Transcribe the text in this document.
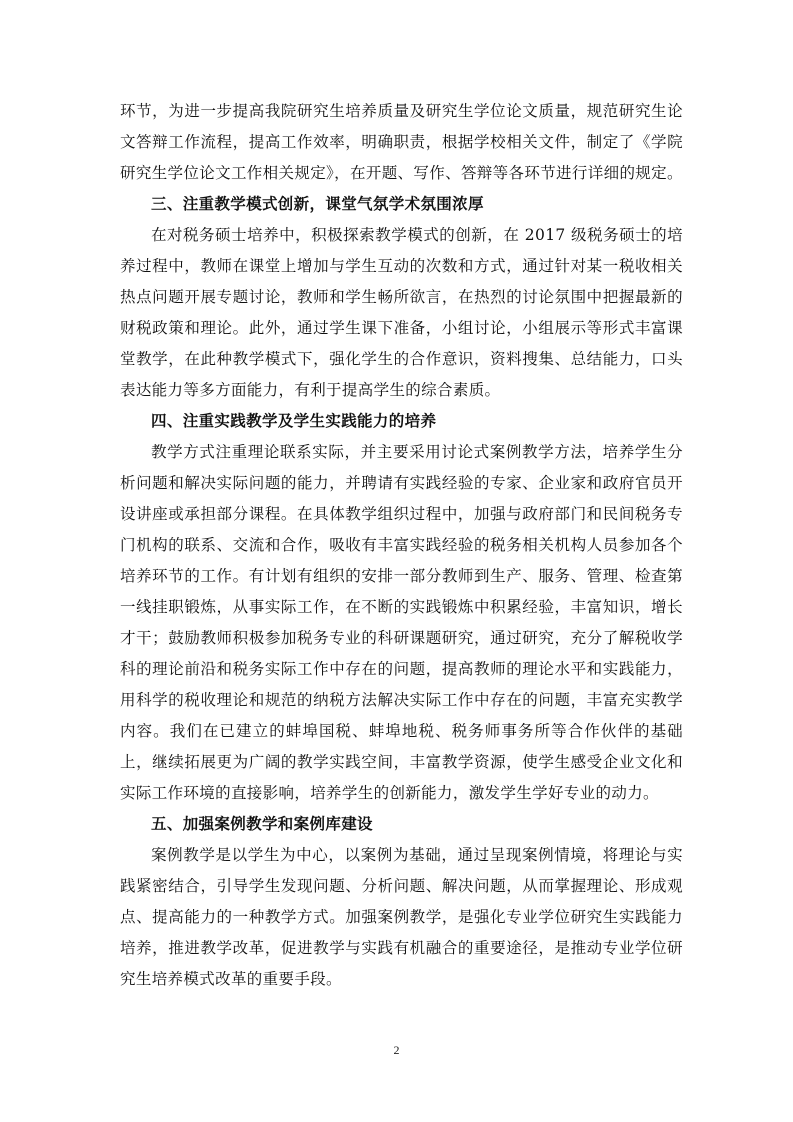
环节，为进一步提高我院研究生培养质量及研究生学位论文质量，规范研究生论文答辩工作流程，提高工作效率，明确职责，根据学校相关文件，制定了《学院研究生学位论文工作相关规定》，在开题、写作、答辩等各环节进行详细的规定。

三、注重教学模式创新，课堂气氛学术氛围浓厚

在对税务硕士培养中，积极探索教学模式的创新，在 2017 级税务硕士的培养过程中，教师在课堂上增加与学生互动的次数和方式，通过针对某一税收相关热点问题开展专题讨论，教师和学生畅所欲言，在热烈的讨论氛围中把握最新的财税政策和理论。此外，通过学生课下准备，小组讨论，小组展示等形式丰富课堂教学，在此种教学模式下，强化学生的合作意识，资料搜集、总结能力，口头表达能力等多方面能力，有利于提高学生的综合素质。

四、注重实践教学及学生实践能力的培养

教学方式注重理论联系实际，并主要采用讨论式案例教学方法，培养学生分析问题和解决实际问题的能力，并聘请有实践经验的专家、企业家和政府官员开设讲座或承担部分课程。在具体教学组织过程中，加强与政府部门和民间税务专门机构的联系、交流和合作，吸收有丰富实践经验的税务相关机构人员参加各个培养环节的工作。有计划有组织的安排一部分教师到生产、服务、管理、检查第一线挂职锻炼，从事实际工作，在不断的实践锻炼中积累经验，丰富知识，增长才干；鼓励教师积极参加税务专业的科研课题研究，通过研究，充分了解税收学科的理论前沿和税务实际工作中存在的问题，提高教师的理论水平和实践能力，用科学的税收理论和规范的纳税方法解决实际工作中存在的问题，丰富充实教学内容。我们在已建立的蚌埠国税、蚌埠地税、税务师事务所等合作伙伴的基础上，继续拓展更为广阔的教学实践空间，丰富教学资源，使学生感受企业文化和实际工作环境的直接影响，培养学生的创新能力，激发学生学好专业的动力。

五、加强案例教学和案例库建设

案例教学是以学生为中心，以案例为基础，通过呈现案例情境，将理论与实践紧密结合，引导学生发现问题、分析问题、解决问题，从而掌握理论、形成观点、提高能力的一种教学方式。加强案例教学，是强化专业学位研究生实践能力培养，推进教学改革，促进教学与实践有机融合的重要途径，是推动专业学位研究生培养模式改革的重要手段。

2
